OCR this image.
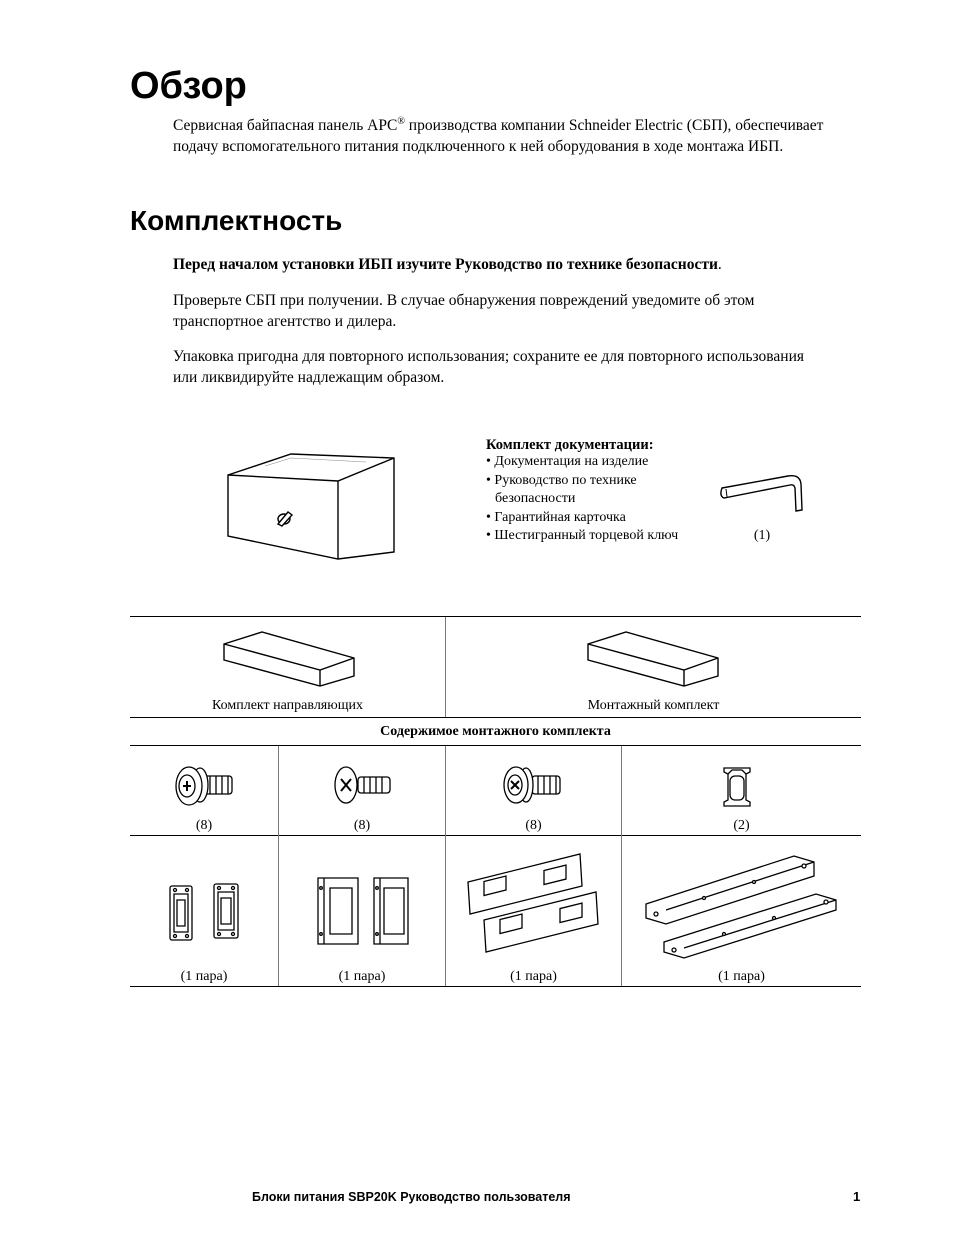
Обзор

Сервисная байпасная панель APC® производства компании Schneider Electric (СБП), обеспечивает подачу вспомогательного питания подключенного к ней оборудования в ходе монтажа ИБП.

Комплектность

Перед началом установки ИБП изучите Руководство по технике безопасности.

Проверьте СБП при получении. В случае обнаружения повреждений уведомите об этом транспортное агентство и дилера.

Упаковка пригодна для повторного использования; сохраните ее для повторного использования или ликвидируйте надлежащим образом.

Комплект документации:
• Документация на изделие
• Руководство по технике безопасности
• Гарантийная карточка
• Шестигранный торцевой ключ	(1)
Комплект направляющих	Монтажный комплект
Содержимое монтажного комплекта
(8)	(8)	(8)	(2)
(1 пара)	(1 пара)	(1 пара)	(1 пара)
Блоки питания SBP20K Руководство пользователя	1
